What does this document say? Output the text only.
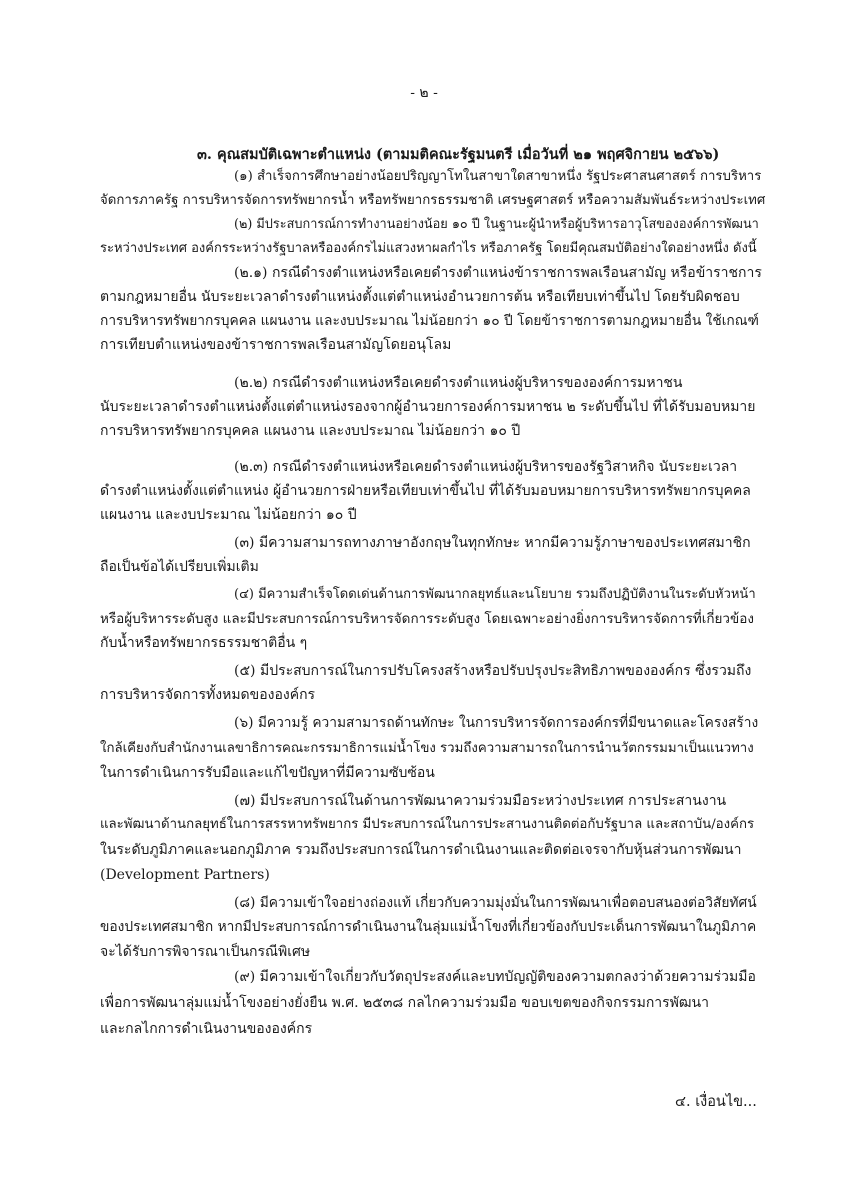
- ๒ -
๓. คุณสมบัติเฉพาะตำแหน่ง (ตามมติคณะรัฐมนตรี เมื่อวันที่ ๒๑ พฤศจิกายน ๒๕๖๖)
(๑) สำเร็จการศึกษาอย่างน้อยปริญญาโทในสาขาใดสาขาหนึ่ง รัฐประศาสนศาสตร์ การบริหาร
จัดการภาครัฐ การบริหารจัดการทรัพยากรน้ำ หรือทรัพยากรธรรมชาติ เศรษฐศาสตร์ หรือความสัมพันธ์ระหว่างประเทศ
(๒) มีประสบการณ์การทำงานอย่างน้อย ๑๐ ปี ในฐานะผู้นำหรือผู้บริหารอาวุโสขององค์การพัฒนา
ระหว่างประเทศ องค์กรระหว่างรัฐบาลหรือองค์กรไม่แสวงหาผลกำไร หรือภาครัฐ โดยมีคุณสมบัติอย่างใดอย่างหนึ่ง ดังนี้
(๒.๑) กรณีดำรงตำแหน่งหรือเคยดำรงตำแหน่งข้าราชการพลเรือนสามัญ หรือข้าราชการ
ตามกฎหมายอื่น นับระยะเวลาดำรงตำแหน่งตั้งแต่ตำแหน่งอำนวยการต้น หรือเทียบเท่าขึ้นไป โดยรับผิดชอบ
การบริหารทรัพยากรบุคคล แผนงาน และงบประมาณ ไม่น้อยกว่า ๑๐ ปี โดยข้าราชการตามกฎหมายอื่น ใช้เกณฑ์
การเทียบตำแหน่งของข้าราชการพลเรือนสามัญโดยอนุโลม
(๒.๒) กรณีดำรงตำแหน่งหรือเคยดำรงตำแหน่งผู้บริหารขององค์การมหาชน
นับระยะเวลาดำรงตำแหน่งตั้งแต่ตำแหน่งรองจากผู้อำนวยการองค์การมหาชน ๒ ระดับขึ้นไป ที่ได้รับมอบหมาย
การบริหารทรัพยากรบุคคล แผนงาน และงบประมาณ ไม่น้อยกว่า ๑๐ ปี
(๒.๓) กรณีดำรงตำแหน่งหรือเคยดำรงตำแหน่งผู้บริหารของรัฐวิสาหกิจ นับระยะเวลา
ดำรงตำแหน่งตั้งแต่ตำแหน่ง ผู้อำนวยการฝ่ายหรือเทียบเท่าขึ้นไป ที่ได้รับมอบหมายการบริหารทรัพยากรบุคคล
แผนงาน และงบประมาณ ไม่น้อยกว่า ๑๐ ปี
(๓) มีความสามารถทางภาษาอังกฤษในทุกทักษะ หากมีความรู้ภาษาของประเทศสมาชิก
ถือเป็นข้อได้เปรียบเพิ่มเติม
(๔) มีความสำเร็จโดดเด่นด้านการพัฒนากลยุทธ์และนโยบาย รวมถึงปฏิบัติงานในระดับหัวหน้า
หรือผู้บริหารระดับสูง และมีประสบการณ์การบริหารจัดการระดับสูง โดยเฉพาะอย่างยิ่งการบริหารจัดการที่เกี่ยวข้อง
กับน้ำหรือทรัพยากรธรรมชาติอื่น ๆ
(๕) มีประสบการณ์ในการปรับโครงสร้างหรือปรับปรุงประสิทธิภาพขององค์กร ซึ่งรวมถึง
การบริหารจัดการทั้งหมดขององค์กร
(๖) มีความรู้ ความสามารถด้านทักษะ ในการบริหารจัดการองค์กรที่มีขนาดและโครงสร้าง
ใกล้เคียงกับสำนักงานเลขาธิการคณะกรรมาธิการแม่น้ำโขง รวมถึงความสามารถในการนำนวัตกรรมมาเป็นแนวทาง
ในการดำเนินการรับมือและแก้ไขปัญหาที่มีความซับซ้อน
(๗) มีประสบการณ์ในด้านการพัฒนาความร่วมมือระหว่างประเทศ การประสานงาน
และพัฒนาด้านกลยุทธ์ในการสรรหาทรัพยากร มีประสบการณ์ในการประสานงานติดต่อกับรัฐบาล และสถาบัน/องค์กร
ในระดับภูมิภาคและนอกภูมิภาค รวมถึงประสบการณ์ในการดำเนินงานและติดต่อเจรจากับหุ้นส่วนการพัฒนา
(Development Partners)
(๘) มีความเข้าใจอย่างถ่องแท้ เกี่ยวกับความมุ่งมั่นในการพัฒนาเพื่อตอบสนองต่อวิสัยทัศน์
ของประเทศสมาชิก หากมีประสบการณ์การดำเนินงานในลุ่มแม่น้ำโขงที่เกี่ยวข้องกับประเด็นการพัฒนาในภูมิภาค
จะได้รับการพิจารณาเป็นกรณีพิเศษ
(๙) มีความเข้าใจเกี่ยวกับวัตถุประสงค์และบทบัญญัติของความตกลงว่าด้วยความร่วมมือ
เพื่อการพัฒนาลุ่มแม่น้ำโขงอย่างยั่งยืน พ.ศ. ๒๕๓๘ กลไกความร่วมมือ ขอบเขตของกิจกรรมการพัฒนา
และกลไกการดำเนินงานขององค์กร
๔. เงื่อนไข...
